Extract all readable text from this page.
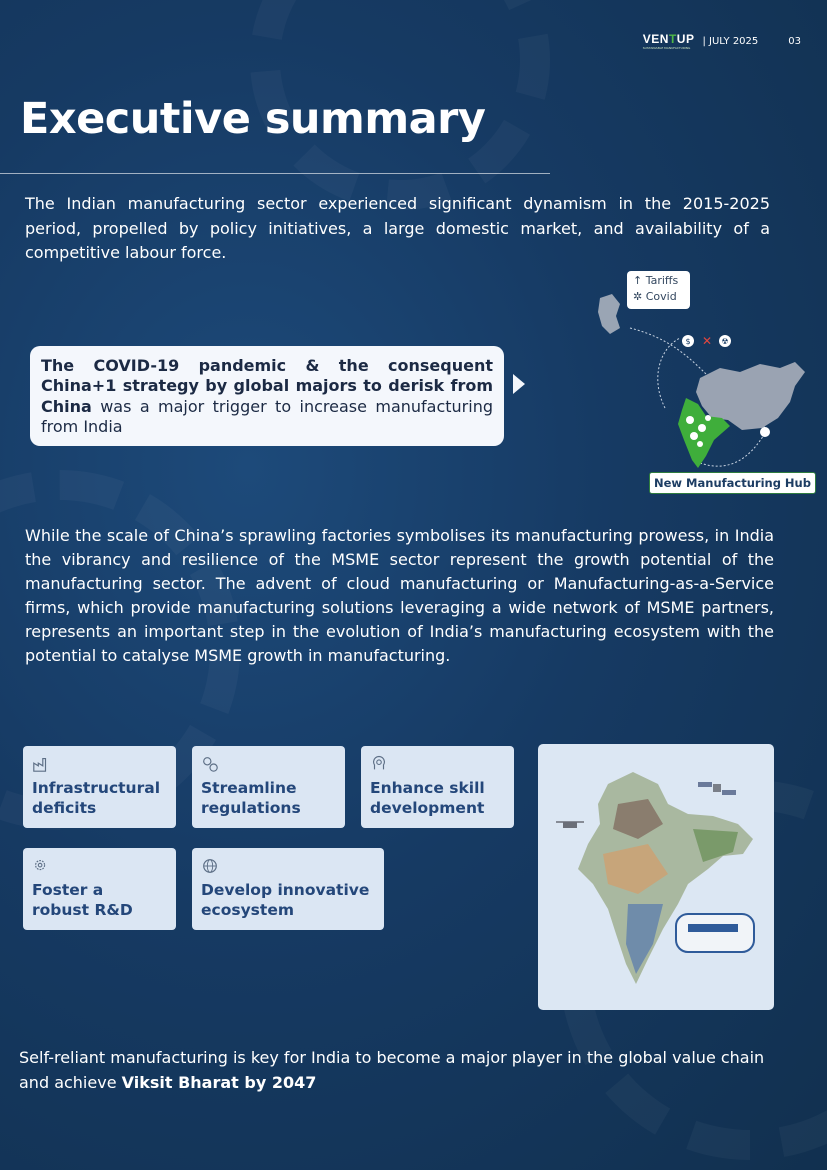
VENTUP
SUSTAINABLE MANUFACTURING
| JULY 2025	03
Executive summary

The Indian manufacturing sector experienced significant dynamism in the 2015-2025 period, propelled by policy initiatives, a large domestic market, and availability of a competitive labour force.

The COVID-19 pandemic & the consequent China+1 strategy by global majors to derisk from China was a major trigger to increase manufacturing from India
$ ✕ ☢
↑ Tariffs
✲ Covid
New Manufacturing Hub

While the scale of China’s sprawling factories symbolises its manufacturing prowess, in India the vibrancy and resilience of the MSME sector represent the growth potential of the manufacturing sector. The advent of cloud manufacturing or Manufacturing-as-a-Service firms, which provide manufacturing solutions leveraging a wide network of MSME partners, represents an important step in the evolution of India’s manufacturing ecosystem with the potential to catalyse MSME growth in manufacturing.

Infrastructural
deficits
Streamline
regulations
Enhance skill
development
Foster a
robust R&D
Develop innovative
ecosystem

Self-reliant manufacturing is key for India to become a major player in the global value chain and achieve Viksit Bharat by 2047
